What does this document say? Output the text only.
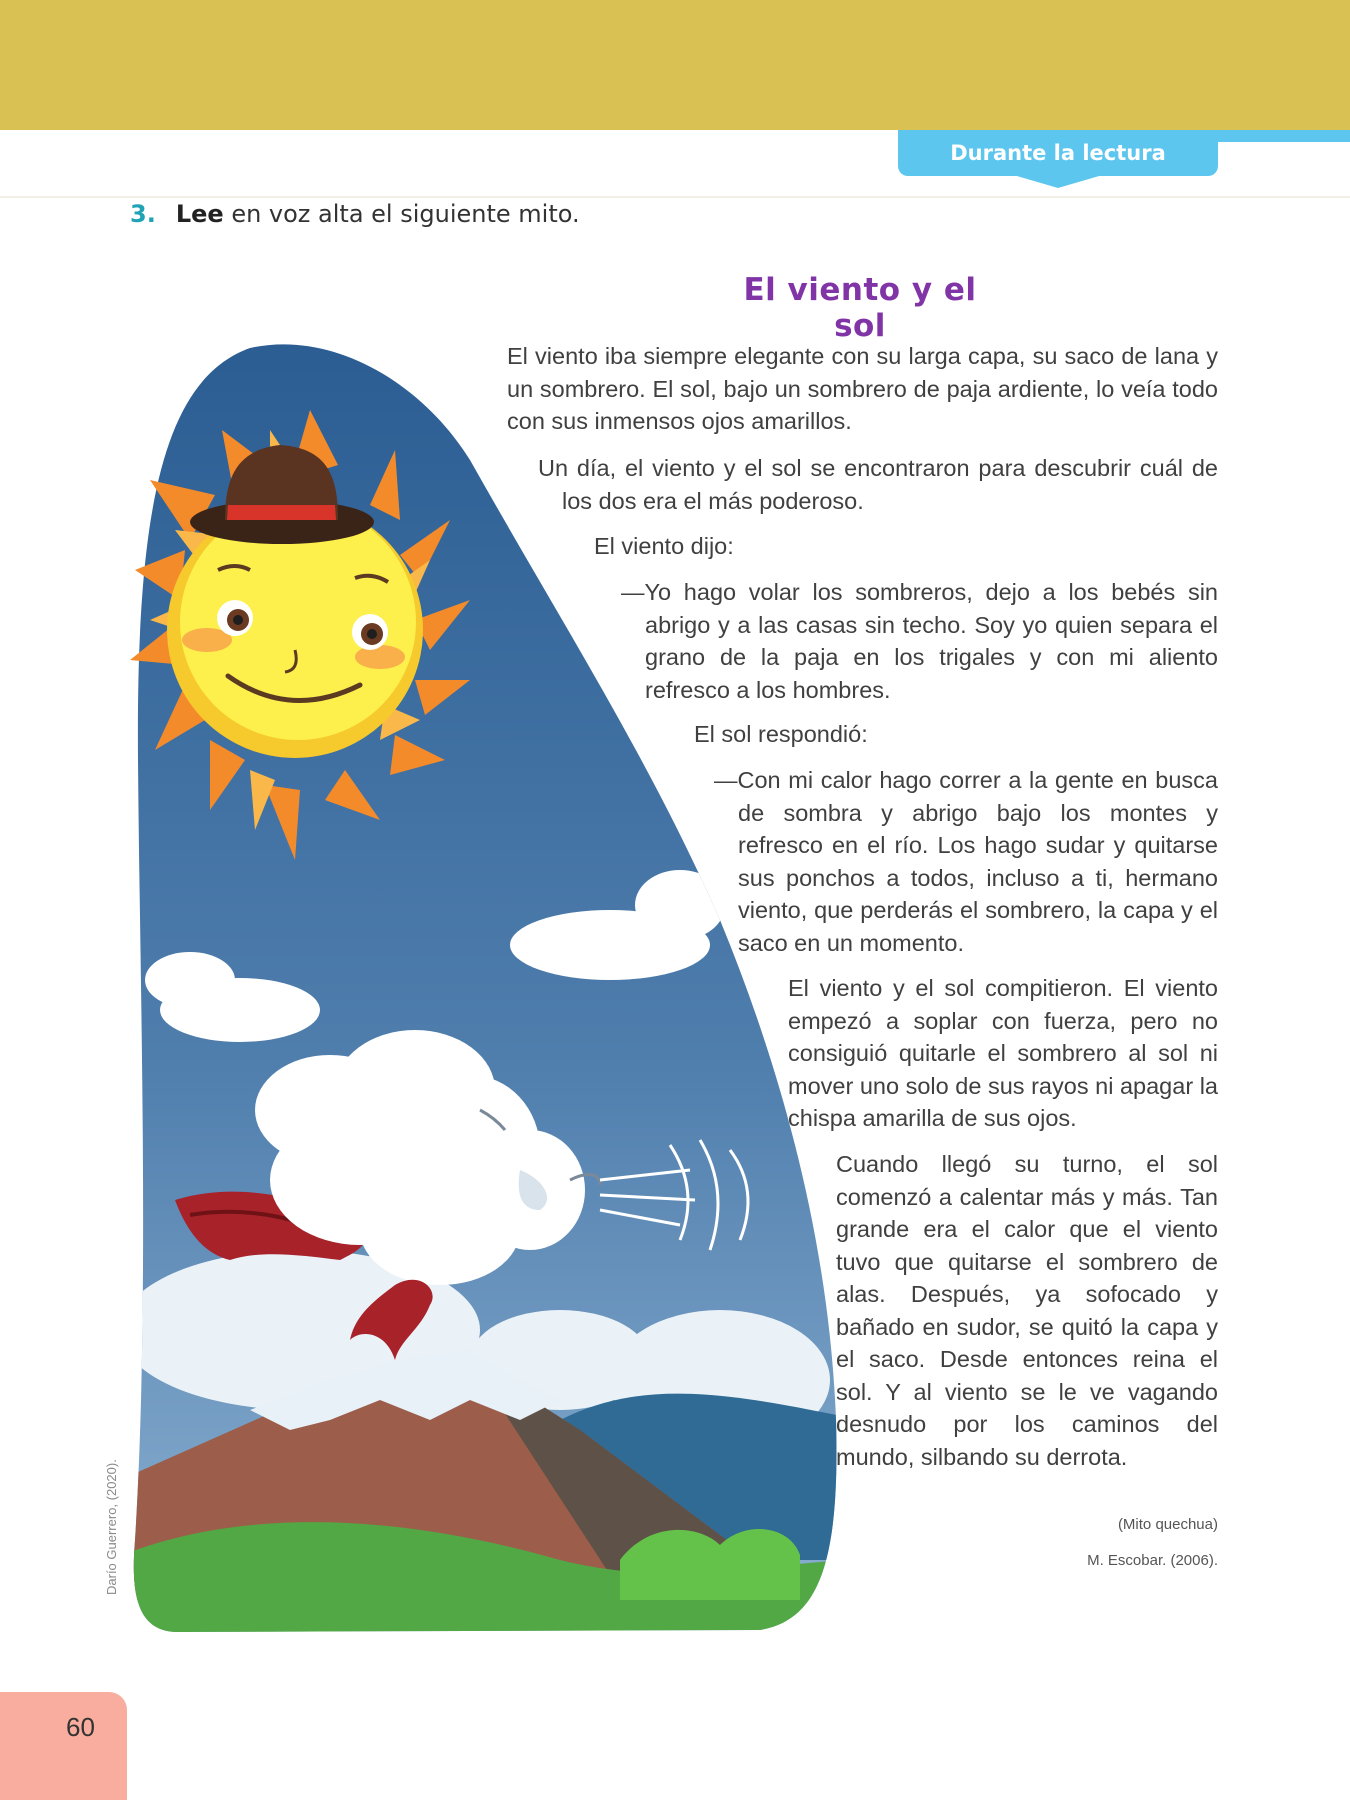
Durante la lectura
3. Lee en voz alta el siguiente mito.
El viento y el sol

El viento iba siempre elegante con su larga capa, su saco de lana y un sombrero. El sol, bajo un sombrero de paja ardiente, lo veía todo con sus inmensos ojos amarillos.

Un día, el viento y el sol se encontraron para descubrir cuál de los dos era el más poderoso.

El viento dijo:

—Yo hago volar los sombreros, dejo a los bebés sin abrigo y a las casas sin techo. Soy yo quien separa el grano de la paja en los trigales y con mi aliento refresco a los hombres.

El sol respondió:

—Con mi calor hago correr a la gente en busca de sombra y abrigo bajo los montes y refresco en el río. Los hago sudar y quitarse sus ponchos a todos, incluso a ti, hermano viento, que perderás el sombrero, la capa y el saco en un momento.

El viento y el sol compitieron. El viento empezó a soplar con fuerza, pero no consiguió quitarle el sombrero al sol ni mover uno solo de sus rayos ni apagar la chispa amarilla de sus ojos.

Cuando llegó su turno, el sol comenzó a calentar más y más. Tan grande era el calor que el viento tuvo que quitarse el sombrero de alas. Después, ya sofocado y bañado en sudor, se quitó la capa y el saco. Desde entonces reina el sol. Y al viento se le ve vagando desnudo por los caminos del mundo, silbando su derrota.

(Mito quechua)
M. Escobar. (2006).
Darío Guerrero, (2020).
60
